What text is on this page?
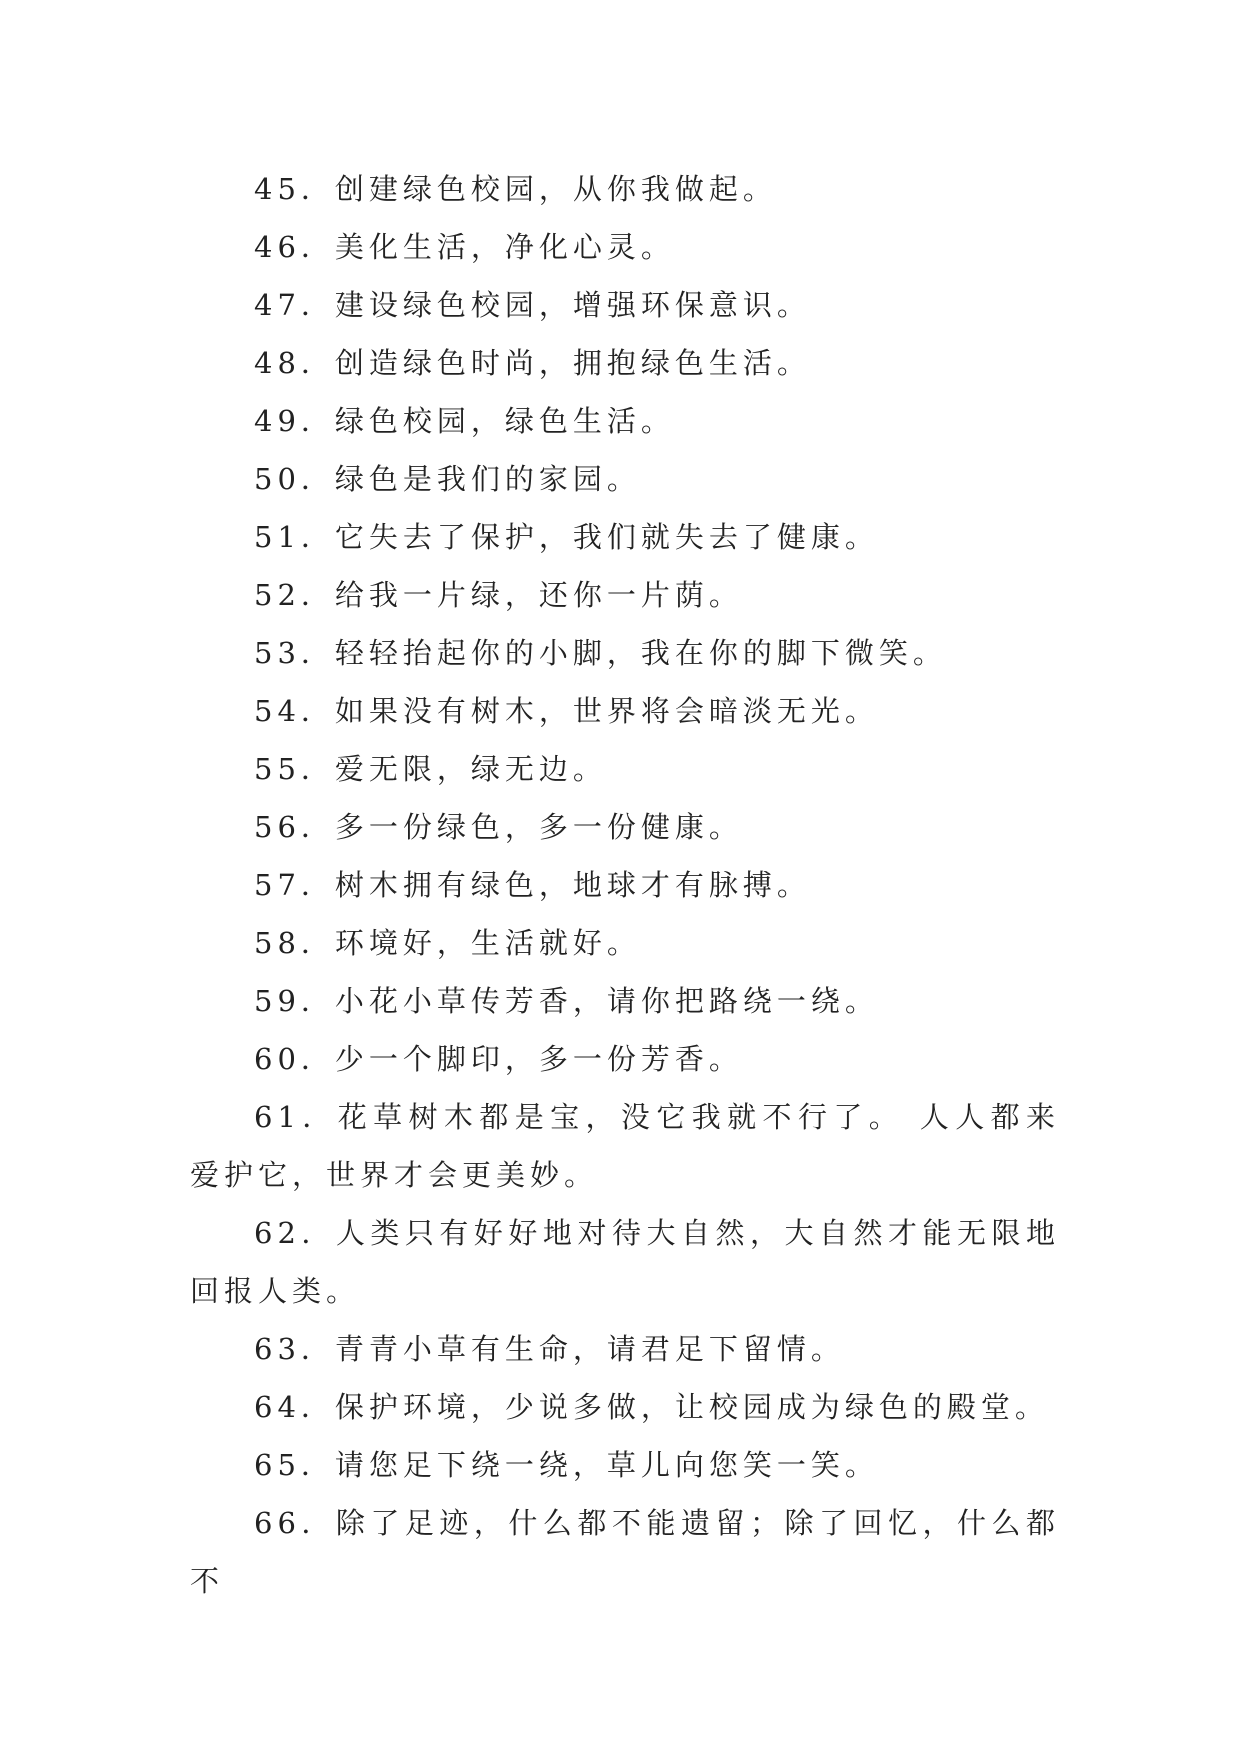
45．创建绿色校园，从你我做起。

46．美化生活，净化心灵。

47．建设绿色校园，增强环保意识。

48．创造绿色时尚，拥抱绿色生活。

49．绿色校园，绿色生活。

50．绿色是我们的家园。

51．它失去了保护，我们就失去了健康。

52．给我一片绿，还你一片荫。

53．轻轻抬起你的小脚，我在你的脚下微笑。

54．如果没有树木，世界将会暗淡无光。

55．爱无限，绿无边。

56．多一份绿色，多一份健康。

57．树木拥有绿色，地球才有脉搏。

58．环境好，生活就好。

59．小花小草传芳香，请你把路绕一绕。

60．少一个脚印，多一份芳香。

61．花草树木都是宝，没它我就不行了。 人人都来爱护它，世界才会更美妙。

62．人类只有好好地对待大自然，大自然才能无限地回报人类。

63．青青小草有生命，请君足下留情。

64．保护环境，少说多做，让校园成为绿色的殿堂。

65．请您足下绕一绕，草儿向您笑一笑。

66．除了足迹，什么都不能遗留；除了回忆，什么都不
